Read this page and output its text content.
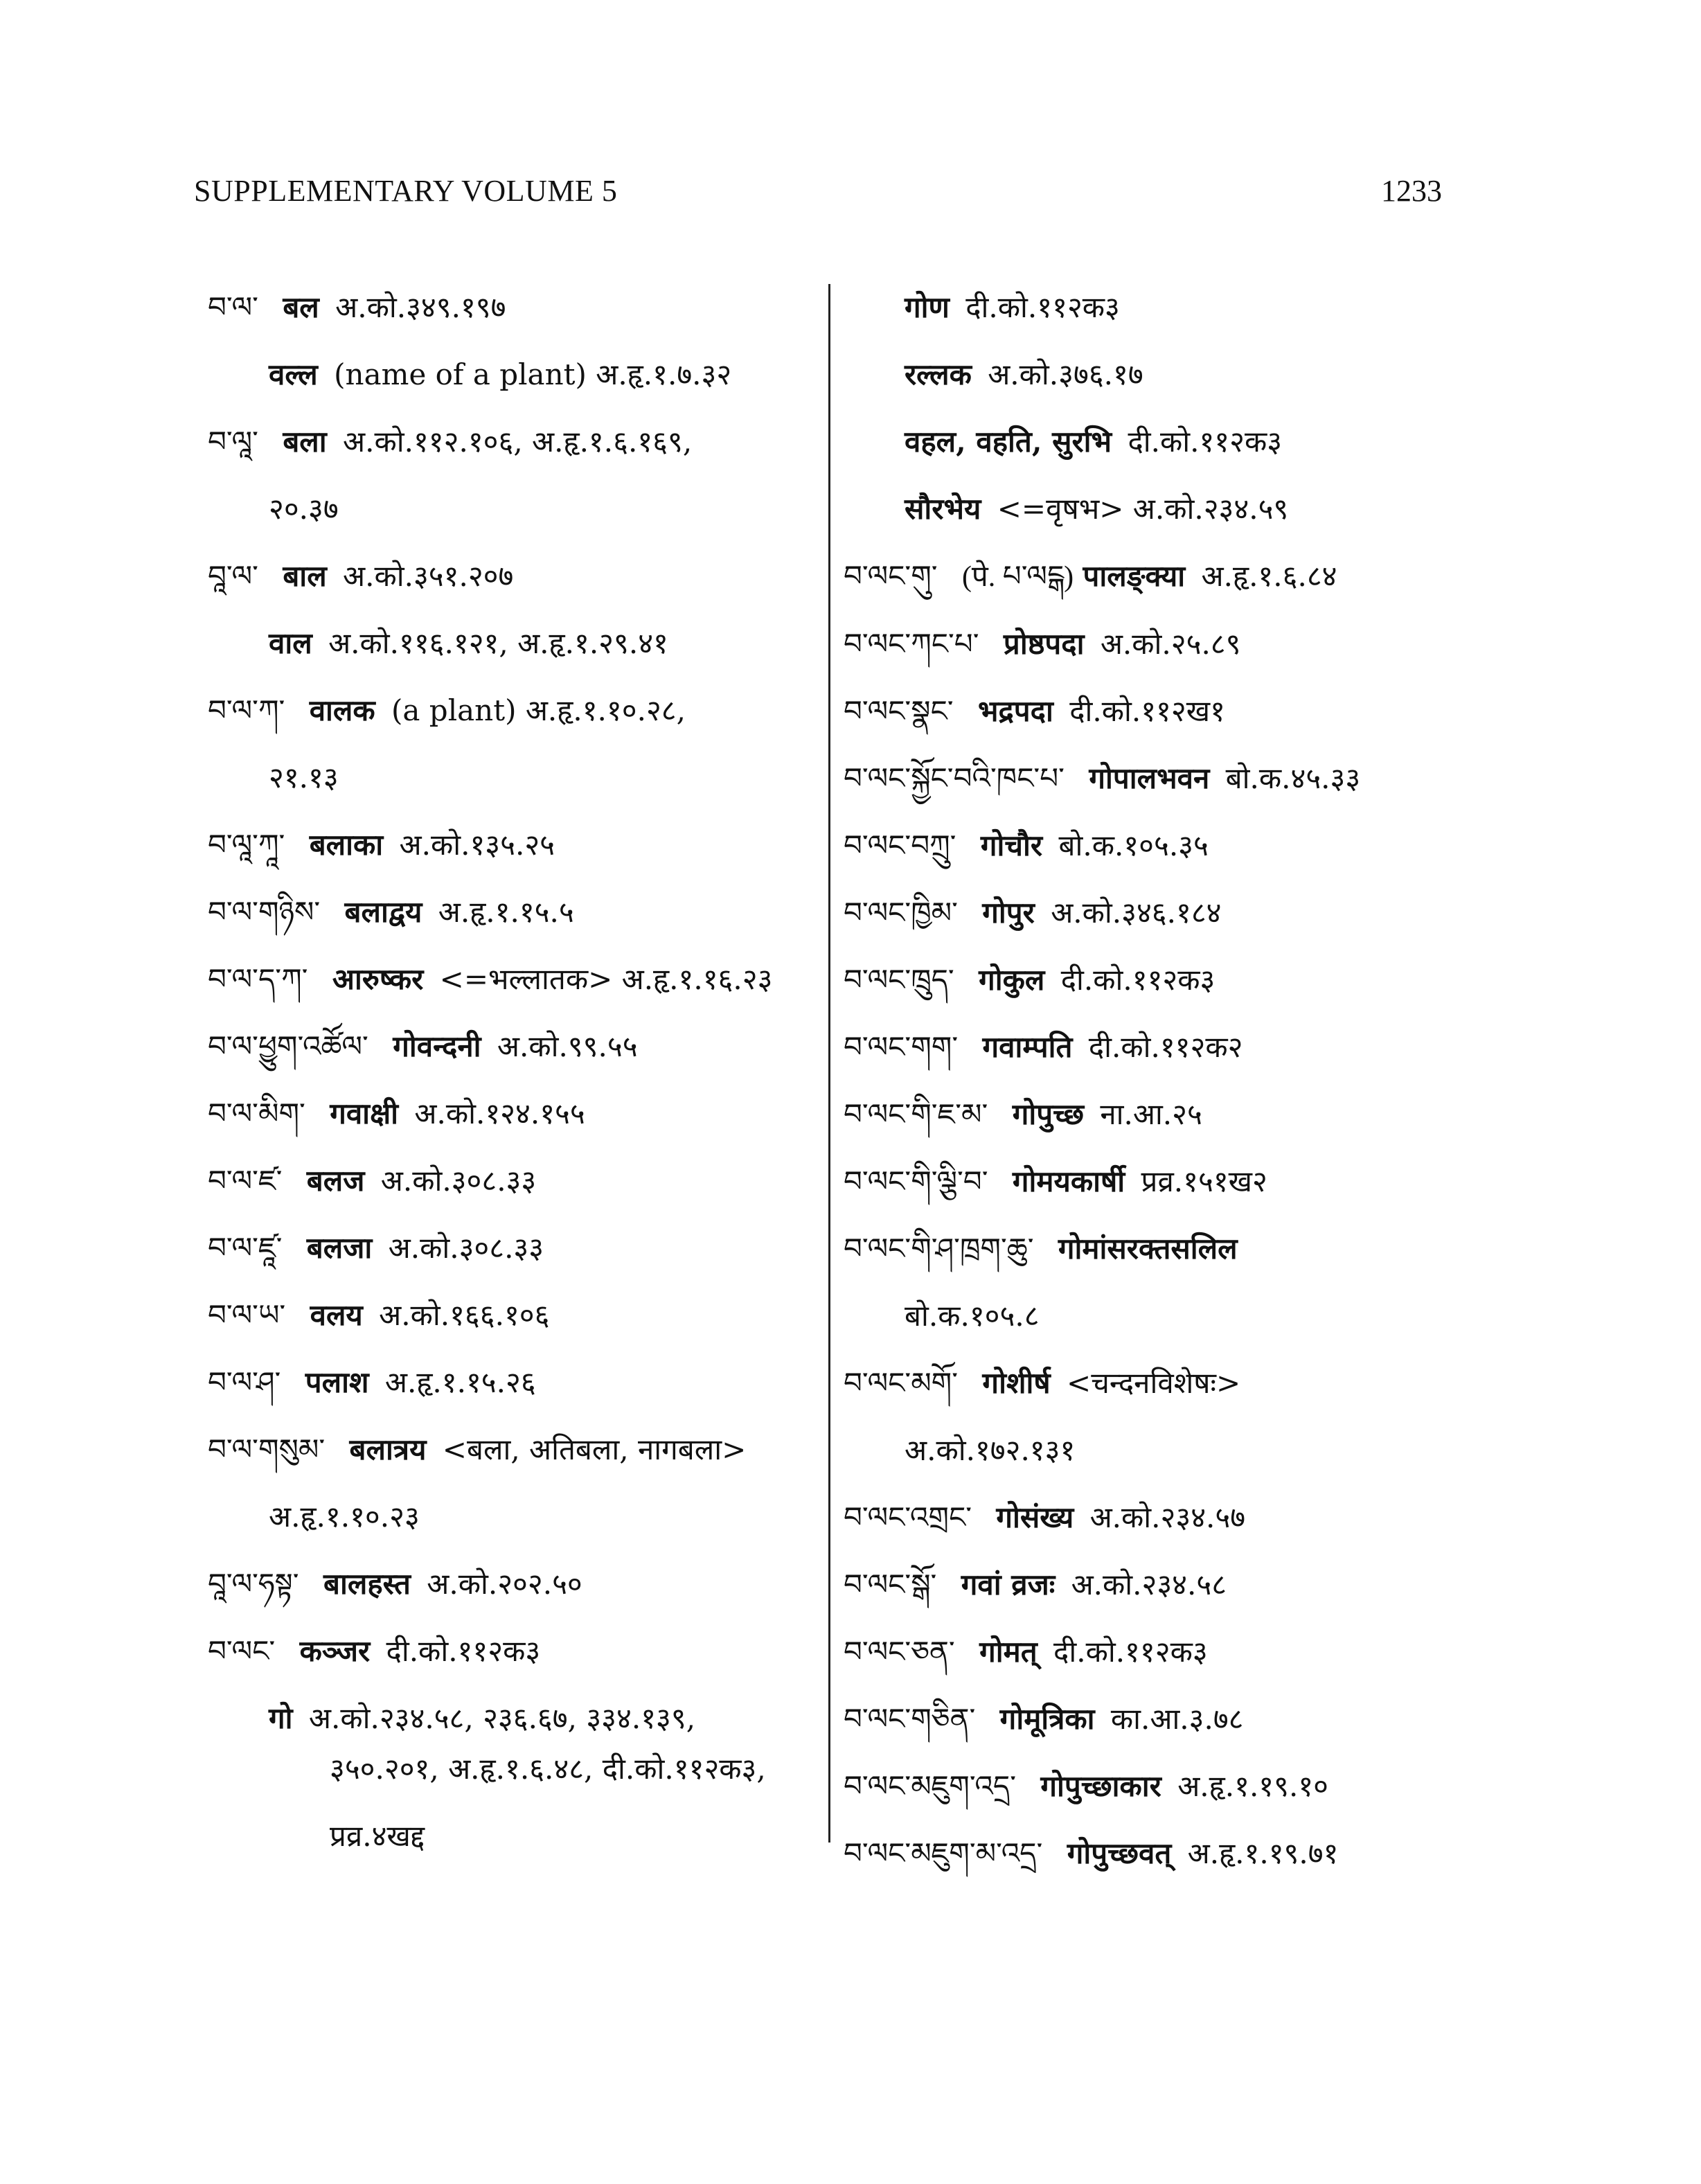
SUPPLEMENTARY VOLUME 5	1233
བ་ལ་ बल अ.को.३४९.१९७
वल्ल (name of a plant) अ.हृ.१.७.३२
བ་ལཱ་ बला अ.को.११२.१०६, अ.हृ.१.६.१६९,
२०.३७
བཱ་ལ་ बाल अ.को.३५१.२०७
वाल अ.को.११६.१२१, अ.हृ.१.२९.४१
བ་ལ་ཀ་ वालक (a plant) अ.हृ.१.१०.२८,
२१.१३
བ་ལཱ་ཀཱ་ बलाका अ.को.१३५.२५
བ་ལ་གཉིས་ बलाद्वय अ.हृ.१.१५.५
བ་ལ་ད་ཀ་ आरुष्कर <=भल्लातक> अ.हृ.१.१६.२३
བ་ལ་ཕྱུག་འཚོལ་ गोवन्दनी अ.को.९९.५५
བ་ལ་མིག་ गवाक्षी अ.को.१२४.१५५
བ་ལ་ཛ་ बलज अ.को.३०८.३३
བ་ལ་ཛཱ་ बलजा अ.को.३०८.३३
བ་ལ་ཡ་ वलय अ.को.१६६.१०६
བ་ལ་ཤ་ पलाश अ.हृ.१.१५.२६
བ་ལ་གསུམ་ बलात्रय <बला, अतिबला, नागबला>
अ.हृ.१.१०.२३
བཱ་ལ་ཧསྟ་ बालहस्त अ.को.२०२.५०
བ་ལང་ कञ्जर दी.को.११२क३
गो अ.को.२३४.५८, २३६.६७, ३३४.१३९,
३५०.२०१, अ.हृ.१.६.४८, दी.को.११२क३, प्रव्र.४खद्द
गोण दी.को.११२क३
रल्लक अ.को.३७६.१७
वहल, वहति, सुरभि दी.को.११२क३
सौरभेय <=वृषभ> अ.को.२३४.५९
བ་ལང་གུ་ (पे. པ་ལངྒ) पालङ्क्या अ.हृ.१.६.८४
བ་ལང་ཀང་པ་ प्रोष्ठपदा अ.को.२५.८९
བ་ལང་སྣང་ भद्रपदा दी.को.११२ख१
བ་ལང་སྐྱོང་བའི་ཁང་པ་ गोपालभवन बो.क.४५.३३
བ་ལང་བཀྲུ་ गोचौर बो.क.१०५.३५
བ་ལང་ཁྱིམ་ गोपुर अ.को.३४६.१८४
བ་ལང་ཁྲུད་ गोकुल दी.को.११२क३
བ་ལང་གག་ गवाम्पति दी.को.११२क२
བ་ལང་གི་ཇ་མ་ गोपुच्छ ना.आ.२५
བ་ལང་གི་ལྕི་བ་ गोमयकार्षी प्रव्र.१५१ख२
བ་ལང་གི་ཤ་ཁྲག་ཆུ་ गोमांसरक्तसलिल
बो.क.१०५.८
བ་ལང་མགོ་ गोशीर्ष <चन्दनविशेषः>
अ.को.१७२.१३१
བ་ལང་འགྲང་ गोसंख्य अ.को.२३४.५७
བ་ལང་སྒོ་ गवां व्रजः अ.को.२३४.५८
བ་ལང་ཅན་ गोमत् दी.को.११२क३
བ་ལང་གཅིན་ गोमूत्रिका का.आ.३.७८
བ་ལང་མཇུག་འདྲ་ गोपुच्छाकार अ.हृ.१.१९.१०
བ་ལང་མཇུག་མ་འདྲ་ गोपुच्छवत् अ.हृ.१.१९.७१
